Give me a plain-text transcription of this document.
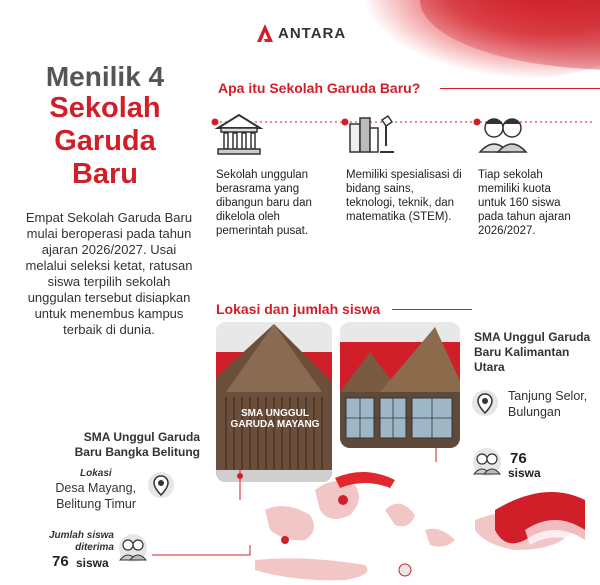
ANTARA
Menilik 4
Sekolah
Garuda
Baru

Empat Sekolah Garuda Baru mulai beroperasi pada tahun ajaran 2026/2027. Usai melalui seleksi ketat, ratusan siswa terpilih sekolah unggulan tersebut disiapkan untuk menembus kampus terbaik di dunia.

Apa itu Sekolah Garuda Baru?

Sekolah unggulan berasrama yang dibangun baru dan dikelola oleh pemerintah pusat.

Memiliki spesialisasi di bidang sains, teknologi, teknik, dan matematika (STEM).

Tiap sekolah memiliki kuota untuk 160 siswa pada tahun ajaran 2026/2027.

Lokasi dan jumlah siswa
SMA UNGGUL GARUDA MAYANG
SMA Unggul Garuda Baru Kalimantan Utara
Tanjung Selor, Bulungan
76
siswa
SMA Unggul Garuda Baru Bangka Belitung
Lokasi
Desa Mayang, Belitung Timur
Jumlah siswa diterima
76 siswa
